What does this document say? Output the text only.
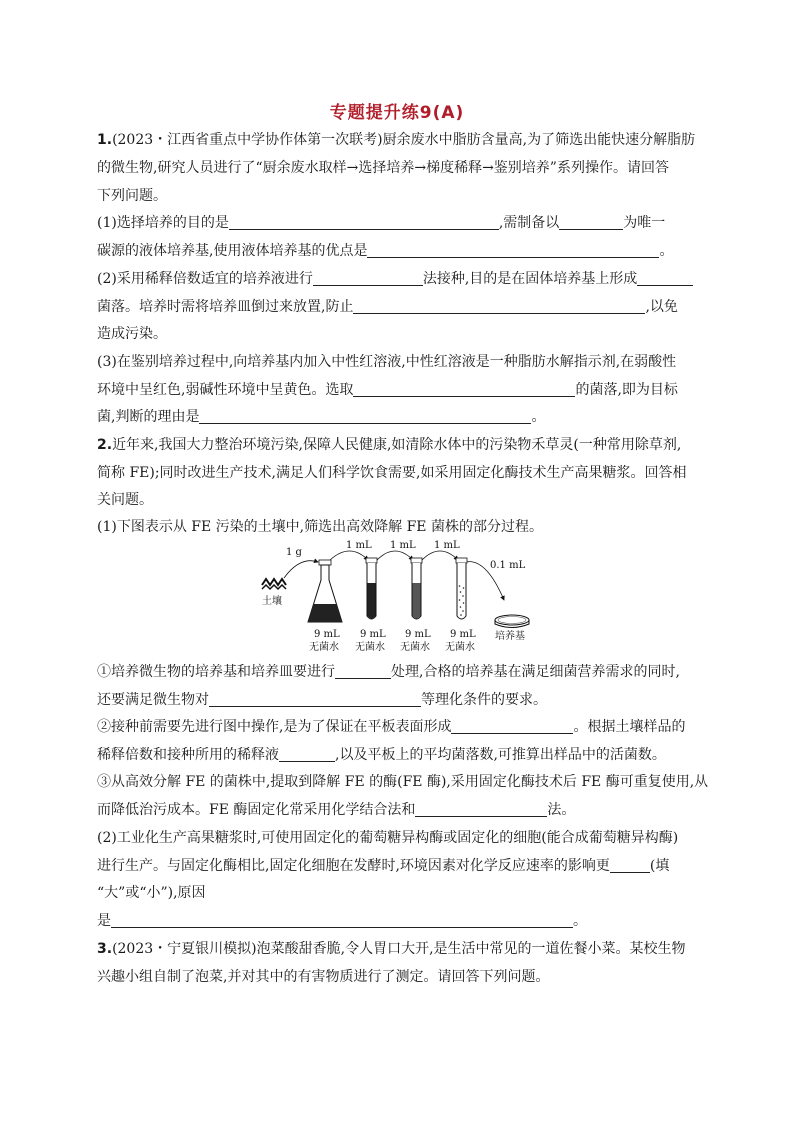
专题提升练9(A)
1.(2023・江西省重点中学协作体第一次联考)厨余废水中脂肪含量高,为了筛选出能快速分解脂肪
的微生物,研究人员进行了“厨余废水取样→选择培养→梯度稀释→鉴别培养”系列操作。请回答
下列问题。
(1)选择培养的目的是	,需制备以	为唯一
碳源的液体培养基,使用液体培养基的优点是	。
(2)采用稀释倍数适宜的培养液进行	法接种,目的是在固体培养基上形成
菌落。培养时需将培养皿倒过来放置,防止	,以免
造成污染。
(3)在鉴别培养过程中,向培养基内加入中性红溶液,中性红溶液是一种脂肪水解指示剂,在弱酸性
环境中呈红色,弱碱性环境中呈黄色。选取	的菌落,即为目标
菌,判断的理由是	。
2.近年来,我国大力整治环境污染,保障人民健康,如清除水体中的污染物禾草灵(一种常用除草剂,
简称 FE);同时改进生产技术,满足人们科学饮食需要,如采用固定化酶技术生产高果糖浆。回答相
关问题。
(1)下图表示从 FE 污染的土壤中,筛选出高效降解 FE 菌株的部分过程。
土壤
1 g
1 mL 1 mL 1 mL
0.1 mL
培养基
9 mL
无菌水
9 mL
无菌水
9 mL
无菌水
9 mL
无菌水
①培养微生物的培养基和培养皿要进行	处理,合格的培养基在满足细菌营养需求的同时,
还要满足微生物对	等理化条件的要求。
②接种前需要先进行图中操作,是为了保证在平板表面形成	。根据土壤样品的
稀释倍数和接种所用的稀释液	,以及平板上的平均菌落数,可推算出样品中的活菌数。
③从高效分解 FE 的菌株中,提取到降解 FE 的酶(FE 酶),采用固定化酶技术后 FE 酶可重复使用,从
而降低治污成本。FE 酶固定化常采用化学结合法和	法。
(2)工业化生产高果糖浆时,可使用固定化的葡萄糖异构酶或固定化的细胞(能合成葡萄糖异构酶)
进行生产。与固定化酶相比,固定化细胞在发酵时,环境因素对化学反应速率的影响更	(填
“大”或“小”),原因
是	。
3.(2023・宁夏银川模拟)泡菜酸甜香脆,令人胃口大开,是生活中常见的一道佐餐小菜。某校生物
兴趣小组自制了泡菜,并对其中的有害物质进行了测定。请回答下列问题。
